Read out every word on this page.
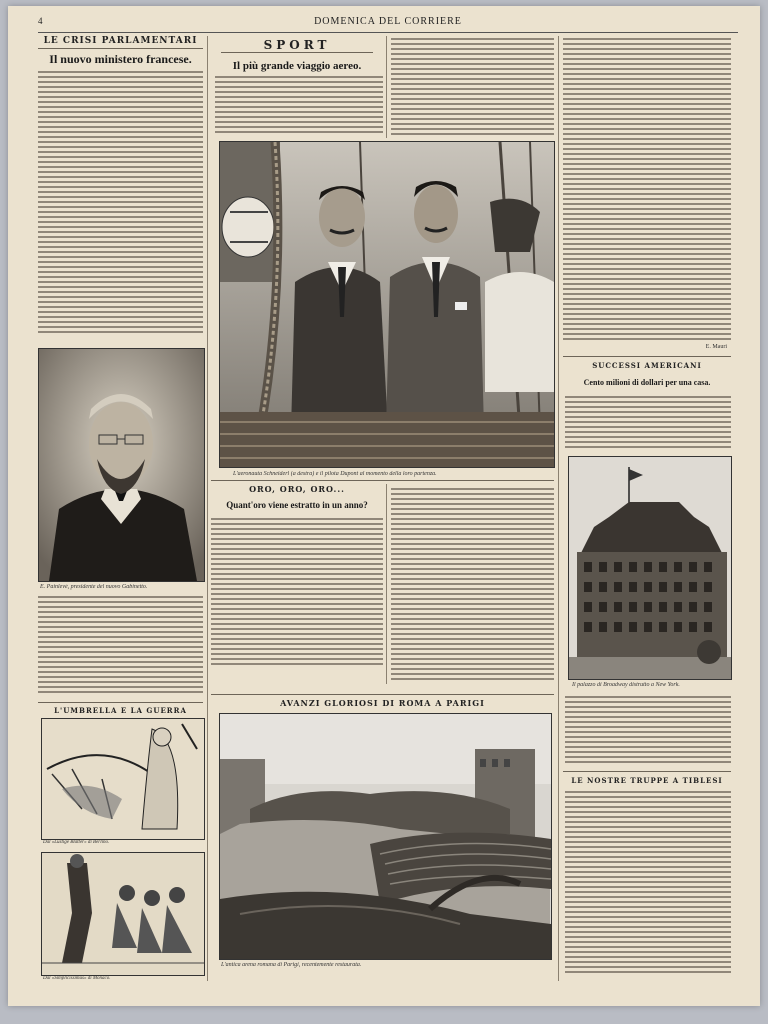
4	DOMENICA DEL CORRIERE
LE CRISI PARLAMENTARI
Il nuovo ministero francese.
E. Painlevé, presidente del nuovo Gabinetto.
L'UMBRELLA E LA GUERRA
Dal «Lustige Blätter» di Berlino.
Dal «Simplicissimus» di Monaco.
SPORT
Il più grande viaggio aereo.
L'aeronauta Schneiderl (a destra) e il pilota Dupont al momento della loro partenza.
ORO, ORO, ORO...
Quant'oro viene estratto in un anno?
AVANZI GLORIOSI DI ROMA A PARIGI
L'antica arena romana di Parigi, recentemente restaurata.
E. Mauri
SUCCESSI AMERICANI
Cento milioni di dollari per una casa.
Il palazzo di Broadway distrutto a New York.
LE NOSTRE TRUPPE A TIBLESI
